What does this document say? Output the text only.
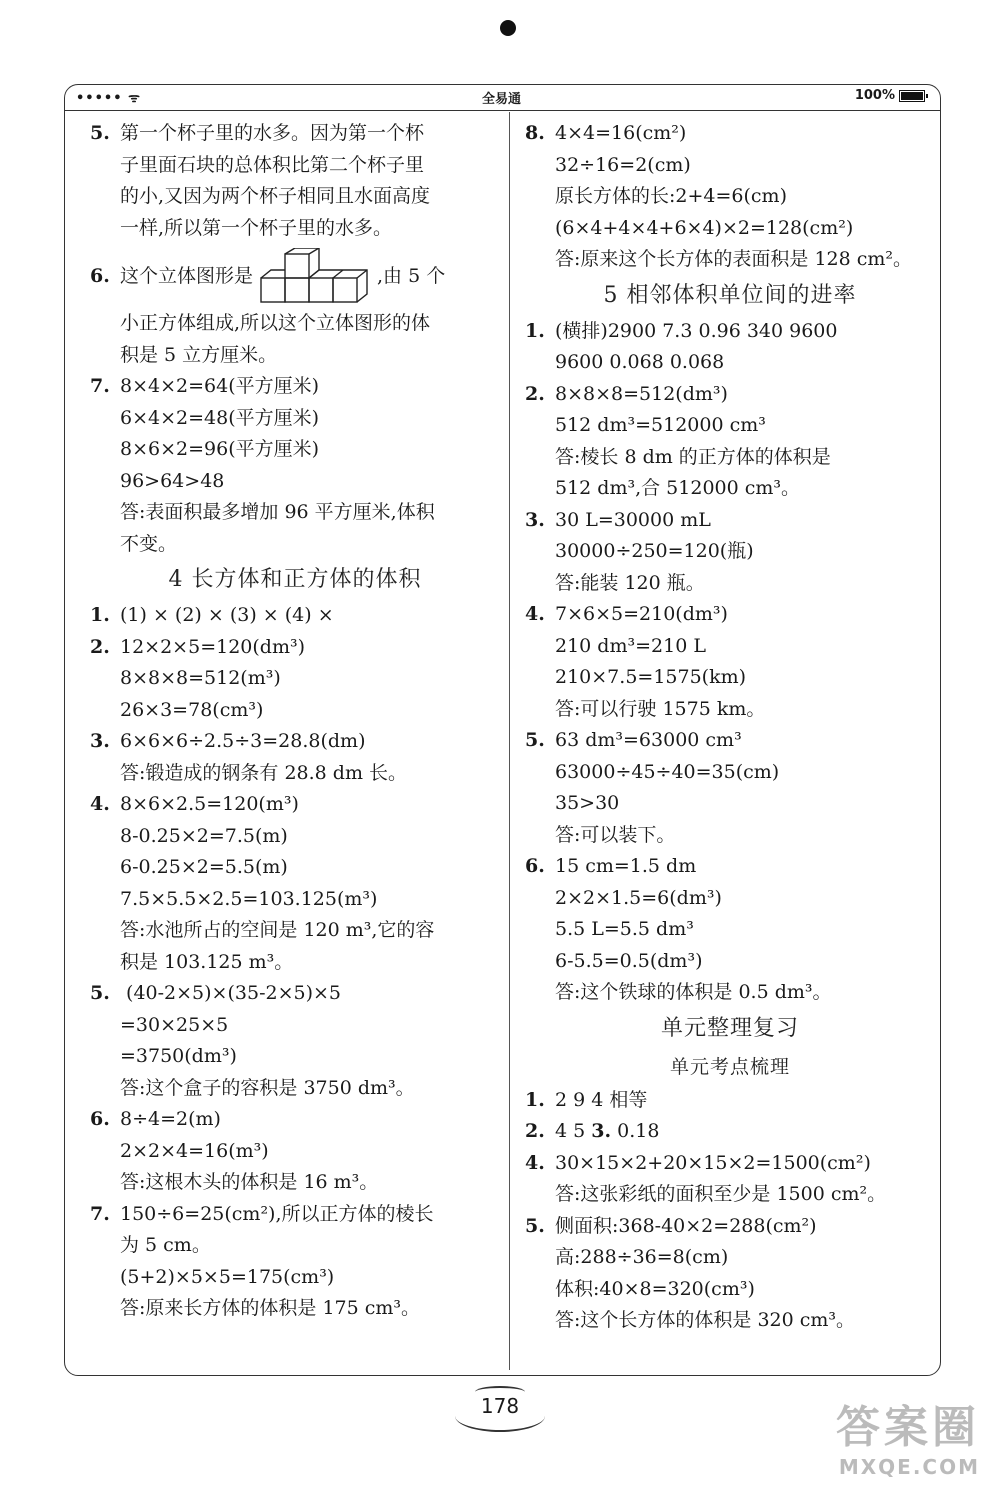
••••• ᯤ	全易通	100%
5. 第一个杯子里的水多。因为第一个杯
子里面石块的总体积比第二个杯子里
的小,又因为两个杯子相同且水面高度
一样,所以第一个杯子里的水多。
6. 这个立体图形是	,由 5 个
小正方体组成,所以这个立体图形的体
积是 5 立方厘米。
7. 8×4×2=64(平方厘米)
6×4×2=48(平方厘米)
8×6×2=96(平方厘米)
96>64>48
答:表面积最多增加 96 平方厘米,体积
不变。
4 长方体和正方体的体积
1. (1) × (2) × (3) × (4) ×
2. 12×2×5=120(dm³)
8×8×8=512(m³)
26×3=78(cm³)
3. 6×6×6÷2.5÷3=28.8(dm)
答:锻造成的钢条有 28.8 dm 长。
4. 8×6×2.5=120(m³)
8-0.25×2=7.5(m)
6-0.25×2=5.5(m)
7.5×5.5×2.5=103.125(m³)
答:水池所占的空间是 120 m³,它的容
积是 103.125 m³。
5. (40-2×5)×(35-2×5)×5
=30×25×5
=3750(dm³)
答:这个盒子的容积是 3750 dm³。
6. 8÷4=2(m)
2×2×4=16(m³)
答:这根木头的体积是 16 m³。
7. 150÷6=25(cm²),所以正方体的棱长
为 5 cm。
(5+2)×5×5=175(cm³)
答:原来长方体的体积是 175 cm³。
8. 4×4=16(cm²)
32÷16=2(cm)
原长方体的长:2+4=6(cm)
(6×4+4×4+6×4)×2=128(cm²)
答:原来这个长方体的表面积是 128 cm²。
5 相邻体积单位间的进率
1. (横排)2900 7.3 0.96 340 9600
9600 0.068 0.068
2. 8×8×8=512(dm³)
512 dm³=512000 cm³
答:棱长 8 dm 的正方体的体积是
512 dm³,合 512000 cm³。
3. 30 L=30000 mL
30000÷250=120(瓶)
答:能装 120 瓶。
4. 7×6×5=210(dm³)
210 dm³=210 L
210×7.5=1575(km)
答:可以行驶 1575 km。
5. 63 dm³=63000 cm³
63000÷45÷40=35(cm)
35>30
答:可以装下。
6. 15 cm=1.5 dm
2×2×1.5=6(dm³)
5.5 L=5.5 dm³
6-5.5=0.5(dm³)
答:这个铁球的体积是 0.5 dm³。
单元整理复习
单元考点梳理
1. 2 9 4 相等
2. 4 5 3. 0.18
4. 30×15×2+20×15×2=1500(cm²)
答:这张彩纸的面积至少是 1500 cm²。
5. 侧面积:368-40×2=288(cm²)
高:288÷36=8(cm)
体积:40×8=320(cm³)
答:这个长方体的体积是 320 cm³。
178	答案圈
MXQE.COM
